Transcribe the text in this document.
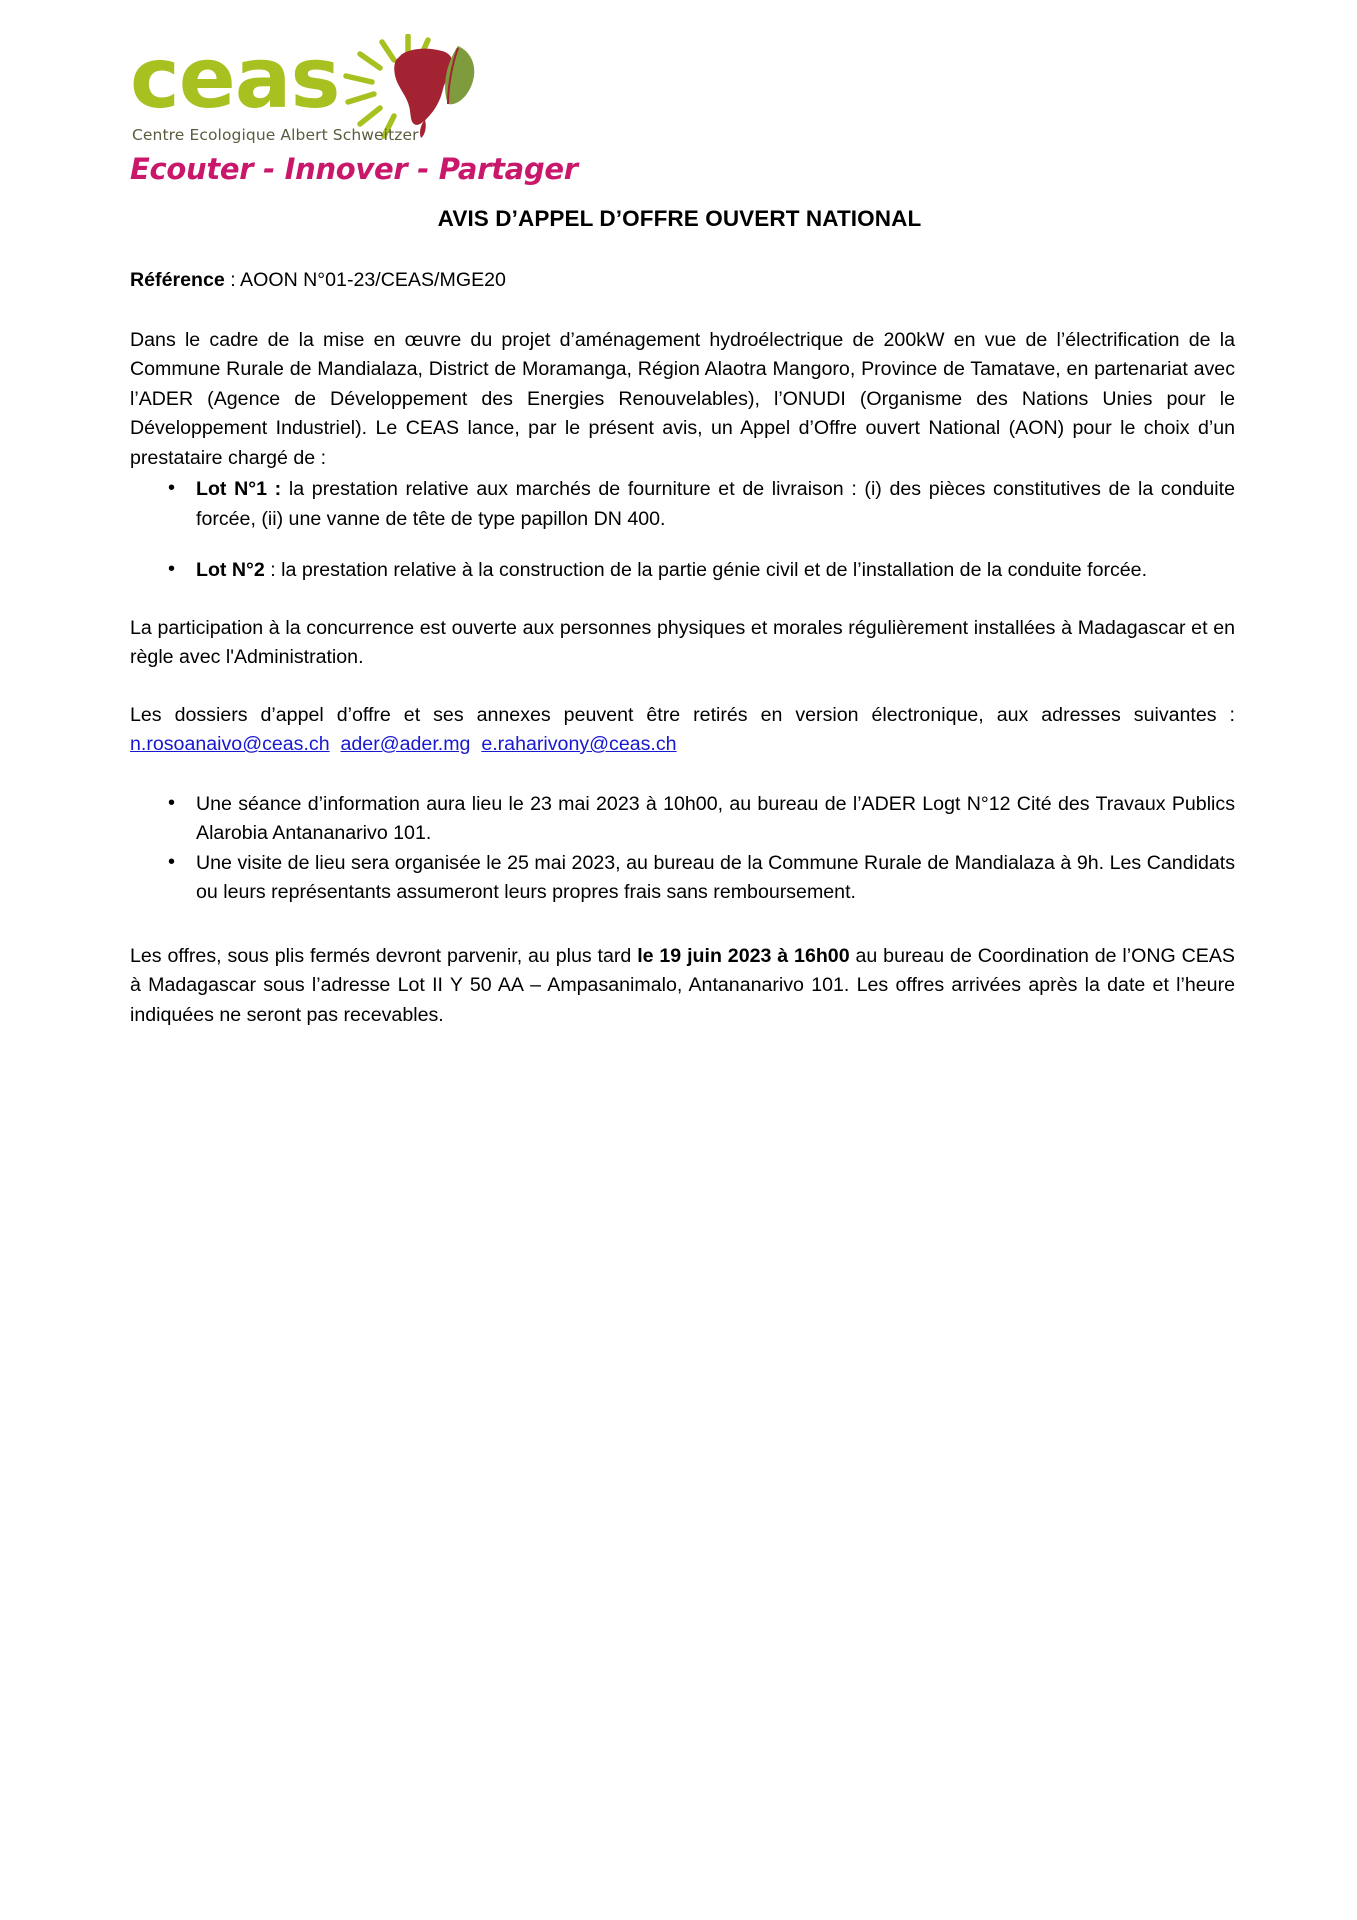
ceas
Centre Ecologique Albert Schweitzer
Ecouter - Innover - Partager
AVIS D’APPEL D’OFFRE OUVERT NATIONAL

Référence : AOON N°01-23/CEAS/MGE20

Dans le cadre de la mise en œuvre du projet d’aménagement hydroélectrique de 200kW en vue de l’électrification de la Commune Rurale de Mandialaza, District de Moramanga, Région Alaotra Mangoro, Province de Tamatave, en partenariat avec l’ADER (Agence de Développement des Energies Renouvelables), l’ONUDI (Organisme des Nations Unies pour le Développement Industriel). Le CEAS lance, par le présent avis, un Appel d’Offre ouvert National (AON) pour le choix d’un prestataire chargé de :

• Lot N°1 : la prestation relative aux marchés de fourniture et de livraison : (i) des pièces constitutives de la conduite forcée, (ii) une vanne de tête de type papillon DN 400.
• Lot N°2 : la prestation relative à la construction de la partie génie civil et de l’installation de la conduite forcée.

La participation à la concurrence est ouverte aux personnes physiques et morales régulièrement installées à Madagascar et en règle avec l'Administration.

Les dossiers d’appel d’offre et ses annexes peuvent être retirés en version électronique, aux adresses suivantes : n.rosoanaivo@ceas.ch ader@ader.mg e.raharivony@ceas.ch

• Une séance d’information aura lieu le 23 mai 2023 à 10h00, au bureau de l’ADER Logt N°12 Cité des Travaux Publics Alarobia Antananarivo 101.
• Une visite de lieu sera organisée le 25 mai 2023, au bureau de la Commune Rurale de Mandialaza à 9h. Les Candidats ou leurs représentants assumeront leurs propres frais sans remboursement.

Les offres, sous plis fermés devront parvenir, au plus tard le 19 juin 2023 à 16h00 au bureau de Coordination de l’ONG CEAS à Madagascar sous l’adresse Lot II Y 50 AA – Ampasanimalo, Antananarivo 101. Les offres arrivées après la date et l’heure indiquées ne seront pas recevables.
